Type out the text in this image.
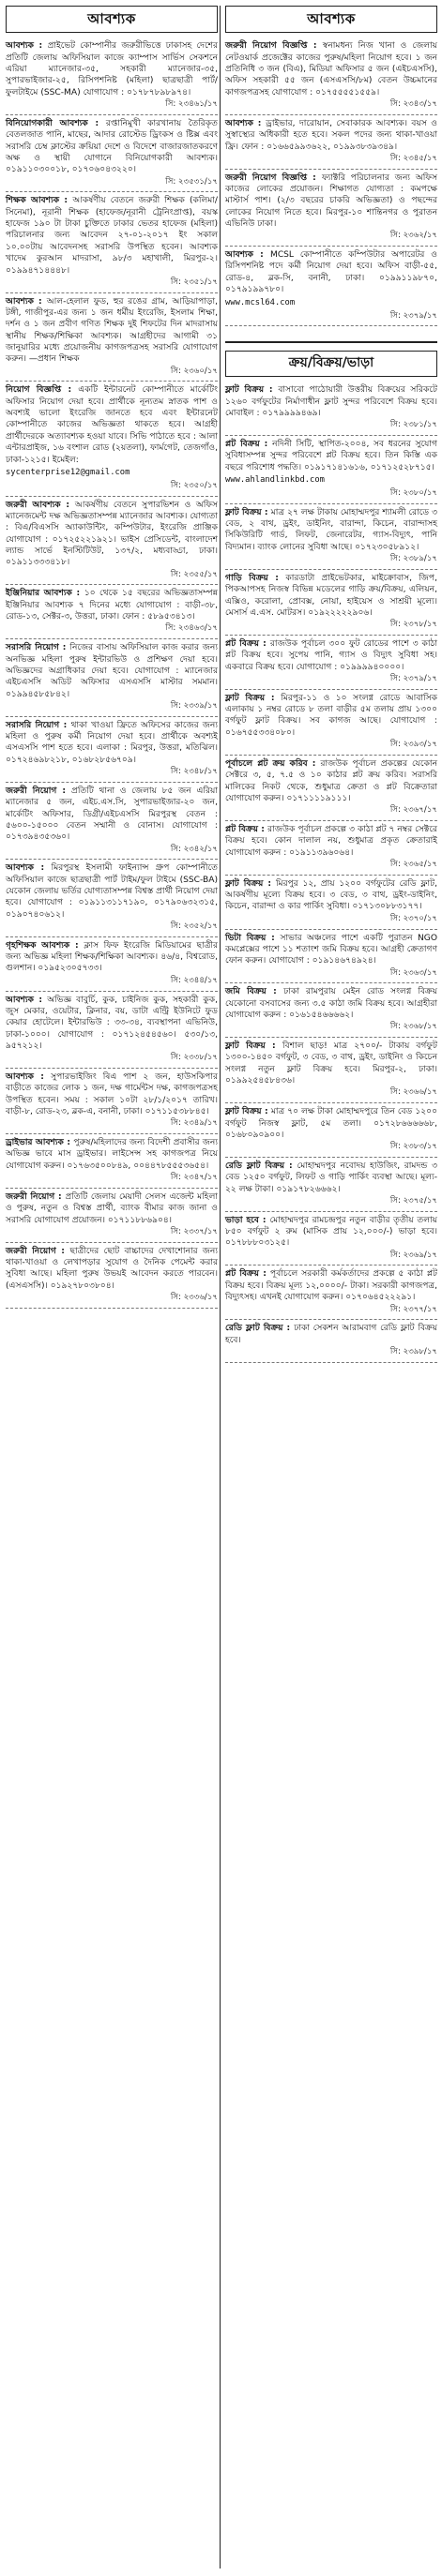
আবশ্যক
আবশ্যক : প্রাইভেট কোম্পানীর জরুরীভিত্তে ঢাকাসহ দেশের প্রতিটি জেলায় অফিসিয়াল কাজে ক্যাম্পাস সার্ভিস সেকশনে এরিয়া ম্যানেজার-৩৫, সহকারী ম্যানেজার-৩৫, সুপারভাইজার-২৫, রিসিপশনিষ্ট (মহিলা) ছাত্রছাত্রী পার্ট/ফুলটাইমে (SSC-MA) যোগাযোগ : ০১৭৮৭৮৯৮৯৭৪।
সি: ২৩৪৬১/১৭
বিনিয়োগকারী আবশ্যক : রপ্তানিমুখী কারখানায় তৈরিকৃত বেতলজাত পানি, মাছের, আদার রোস্টেড ড্রিংকস ও ষ্টিক্স এবং সরাসরি চেম্ব ক্লাস্টের ক্রয়িয়া দেশে ও বিদেশে বাজারজাতকরণে অক্ষ ও স্থায়ী যোগানে বিনিয়োগকারী আবশ্যক। ০১৯১১০৩০০১৮, ০১৭০৬০৪৩২২০।
সি: ২৩৫৩১/১৭
শিক্ষক আবশ্যক : আকর্ষণীয় বেতনে জরুরী শিক্ষক (কলিমা/সিনেমা), নূরানী শিক্ষক (হাফেজ/নূরানী ট্রেনিংপ্রাপ্ত), বয়স্ক হাফেজ ১৯০ টা টাকা চুক্তিতে ঢাকার ভেতর হাফেজ (মহিলা) পরিচালনার জন্য আবেদন ২৭-০১-২০১৭ ইং সকাল ১০.০০টায় আবেদনসহ সরাসরি উপস্থিত হবেন। আবশ্যক খাদেম কুরআন মাদরাসা, ৯৮/৩ মহাখালী, মিরপুর-২। ০১৯৯৪৭১৪৪৪৮।
সি: ২৩৫১/১৭
আবশ্যক : আল-হেলাল ফুড, হুর রঙের গ্রাম, আড়িয়াপাড়া, টঙ্গী, গাজীপুর-এর জন্য ১ জন ধর্মীয় ইংরেজি, ইসলাম শিক্ষা, দর্শন ও ১ জন প্রবীণ গণিত শিক্ষক দুই শিফটের দিন মাদরাসায় স্থানীয় শিক্ষক/শিক্ষিকা আবশ্যক। আগ্রহীদের আগামী ৩১ জানুয়ারির মধ্যে প্রয়োজনীয় কাগজপত্রসহ সরাসরি যোগাযোগ করুন। —প্রধান শিক্ষক
সি: ২৩৬০/১৭
নিয়োগ বিজ্ঞপ্তি : একটি ইন্টারনেট কোম্পানীতে মার্কেটিং অফিসার নিয়োগ দেয়া হবে। প্রার্থীকে নূন্যতম স্নাতক পাশ ও অবশ্যই ভালো ইংরেজি জানতে হবে এবং ইন্টারনেট কোম্পানীতে কাজের অভিজ্ঞতা থাকতে হবে। আগ্রহী প্রার্থীদেরকে অত্যাবশ্যক হওয়া যাবে। সিভি পাঠাতে হবে : আলা এন্টারপ্রাইজ, ১৬ বংশাল রোড (২য়তলা), ফার্মগেট, তেজগাঁও, ঢাকা-১২১৫। ইমেইল:
sycenterprise12@gmail.com
সি: ২৩৫০/১৭
জরুরী আবশ্যক : আকর্ষণীয় বেতনে সুপারভিশন ও অফিস ম্যানেজমেন্ট দক্ষ অভিজ্ঞতাসম্পন্ন ম্যানেজার আবশ্যক। যোগ্যতা : বিএ/বিএসসি অ্যাকাউন্টিং, কম্পিউটার, ইংরেজি প্রাঞ্জিক যোগাযোগ : ০১৭২৫২২১৯২১। ভাইস প্রেসিডেন্ট, বাংলাদেশ ল্যান্ড সার্ভে ইনস্টিটিউট, ১৩৭/২, মধ্যবাড্ডা, ঢাকা। ০১৯১১৩৩৩৪১৮।
সি: ২৩৫৫/১৭
ইঞ্জিনিয়ার আবশ্যক : ১০ থেকে ১৫ বছরের অভিজ্ঞতাসম্পন্ন ইঞ্জিনিয়ার আবশ্যক ৭ দিনের মধ্যে যোগাযোগ : বাড়ী-৩৮, রোড-১৩, সেক্টর-৩, উত্তরা, ঢাকা। ফোন : ৫৮৯৫৩৪১৩।
সি: ২৩৪৬৩/১৭
সরাসরি নিয়োগ : নিজের বাসায় অফিসিয়াল কাজ করার জন্য অনভিজ্ঞ মহিলা পুরুষ ইন্টারভিউ ও প্রশিক্ষণ দেয়া হবে। অভিজ্ঞদের অগ্রাধিকার দেয়া হবে। যোগাযোগ : ম্যানেজার এইচএসসি অডিট অফিসার এসএসসি মাস্টার সমমান। ০১৯৯৪৫৮৫৮৪২।
সি: ২৩৩৯/১৭
সরাসরি নিয়োগ : থাকা খাওয়া ফ্রিতে অফিসের কাজের জন্য মহিলা ও পুরুষ কর্মী নিয়োগ দেয়া হবে। প্রার্থীকে অবশ্যই এসএসসি পাশ হতে হবে। এলাকা : মিরপুর, উত্তরা, মতিঝিল। ০১৭২৪৬৯৮২১৮, ০১৬৮২৮৫৬৭০৯।
সি: ২৩৪৮/১৭
জরুরী নিয়োগ : প্রতিটি থানা ও জেলায় ৮৫ জন এরিয়া ম্যানেজার ৫ জন, এইচ.এস.সি, সুপারভাইজার-২০ জন, মার্কেটিং অফিসার, ডিগ্রী/এইচএসসি মিরপুরস্থ বেতন : ৫৬০০-১৫০০০ বেতন সম্মানী ও বোনাস। যোগাযোগ : ০১৭৩৯৪৩৫৩৬০।
সি: ২৩৪২/১৭
আবশ্যক : মিরপুরস্থ ইসলামী ফাইন্যান্স গ্রুপ কোম্পানীতে অফিসিয়াল কাজে ছাত্রছাত্রী পার্ট টাইম/ফুল টাইমে (SSC-BA) যেকোন জেলায় ভর্তির যোগ্যতাসম্পন্ন বিশ্বস্ত প্রার্থী নিয়োগ দেয়া হবে। যোগাযোগ : ০১৯১১৩১১৭১৯০, ০১৭৯০৬৩২৩১৫, ০১৯০৭৪০৬১২।
সি: ২৩৫২/১৭
গৃহশিক্ষক আবশ্যক : ক্লাস ফিফ ইংরেজি মিডিয়ামের ছাত্রীর জন্য অভিজ্ঞ মহিলা শিক্ষক/শিক্ষিকা আবশ্যক। ৪৬/৪, বিশ্বরোড, গুলশান। ০১৯৫২৩০৫৭৩৩।
সি: ২৩৪৪/১৭
আবশ্যক : অভিজ্ঞ বাবুর্চি, কুক, চাইনিজ কুক, সহকারী কুক, জুস মেকার, ওয়েটার, ক্লিনার, বয়, ডাটা এন্ট্রি ইউনিটে ফুড কেয়ার হোটেলে। ইন্টারভিউ : ৩৩-৩৪, ব্যবস্থাপনা এভিনিউ, ঢাকা-১০০০। যোগাযোগ : ০১৭১২৪৫৪৫৬০। ৫৩০/১৩, ৯৫৭২১২।
সি: ২৩৩৮/১৭
আবশ্যক : সুপারভাইজিং ৰিএ পাশ ২ জন, হাউসকিপার বাড়ীতে কাজের লোক ১ জন, দক্ষ গার্মেন্টস দক্ষ, কাগজপত্রসহ উপস্থিত হবেন। সময় : সকাল ১০টা ২৮/১/২০১৭ তারিখ। বাড়ী-৮, রোড-২৩, ব্লক-এ, বনানী, ঢাকা। ০১৭১১৫৩৮৮৪৫।
সি: ২৩৪৯/১৭
ড্রাইভার আবশ্যক : পুরুষ/মহিলাদের জন্য বিদেশী প্রবাসীর জন্য অভিজ্ঞ ভাবে মাস ড্রাইভার। লাইসেন্স সহ কাগজপত্র নিয়ে যোগাযোগ করুন। ০১৭৬৩৫০০৮৪৯, ০০৪৪৭৮৫৫৫৩৬৫৪।
সি: ২৩৪৭/১৭
জরুরী নিয়োগ : প্রতিটি জেলায় মেয়াদী সেলস এজেন্ট মহিলা ও পুরুষ, নতুন ও বিশ্বস্ত প্রার্থী, ব্যাংক বীমার কাজ জানা ও সরাসরি যোগাযোগ প্রয়োজন। ০১৭১১৮৮৬৯০৪।
সি: ২৩৩৭/১৭
জরুরী নিয়োগ : ছাত্রীদের ছোট বাচ্চাদের দেখাশোনার জন্য থাকা-খাওয়া ও লেখাপড়ার সুযোগ ও দৈনিক পেমেন্ট করার সুবিধা আছে। মহিলা পুরুষ উভয়ই আবেদন করতে পারবেন। (এসএসসি)। ০১৯২৭৮০৩৮০৪।
সি: ২৩৩৬/১৭
আবশ্যক
জরুরী নিয়োগ বিজ্ঞপ্তি : স্বনামধন্য নিজ খানা ও জেলায় নেটওয়ার্ক প্রজেক্টের কাজের পুরুষ/মহিলা নিয়োগ হবে। ১ জন প্রতিনিধি ৩ জন (বিএ), মিডিয়া অফিসার ৫ জন (এইচএসসি), অফিস সহকারী ৫৫ জন (এসএসসি/৮ম) বেতন উচ্চমানের কাগজপত্রসহ যোগাযোগ : ০১৭৫৫৫৫১৫৫৯।
সি: ২৩৪৩/১৭
আবশ্যক : ড্রাইভার, দারোয়ান, সেবাকারক আবশ্যক। বয়স ও সুস্বাস্থ্যের অধিকারী হতে হবে। সকল পদের জন্য থাকা-খাওয়া ফ্রি। ফোন : ০১৬৬৫৯৯৩৬২২, ০১৯৯৩৮৩৯৩৪৯।
সি: ২৩৪৫/১৭
জরুরী নিয়োগ বিজ্ঞপ্তি : ফ্যাক্টরি পরিচালনার জন্য অফিস কাজের লোকের প্রয়োজন। শিক্ষাগত যোগ্যতা : কমপক্ষে মাস্টার্স পাশ। (২/৩ বছরের চাকরি অভিজ্ঞতা) ও পছন্দের লোকের নিয়োগ নিতে হবে। মিরপুর-১০ শান্তিনগর ও পুরাতন এভিনিউ ঢাকা।
সি: ২৩৬২/১৭
আবশ্যক : MCSL কোম্পানীতে কম্পিউটার অপারেটর ও রিসিপশনিষ্ট পদে কর্মী নিয়োগ দেয়া হবে। অফিস বাড়ী-৫৫, রোড-৪, ব্লক-সি, বনানী, ঢাকা। ০১৯৯১১৯৮৭০, ০১৭৯১৯৯৭৮০।
www.mcsl64.com
সি: ২৩৭৯/১৭
ক্রয়/বিক্রয়/ভাড়া
ফ্লাট বিক্রয় : বাসাবো পাঠোয়ারী উত্তরীয় বিক্রয়ের সরিকটে ১২৬০ বর্গফুটের নির্মাণাধীন ফ্লাট সুন্দর পরিবেশে বিক্রয় হবে। মোবাইল : ০১৭৯৯৯৯৪৬৯।
সি: ২৩৮১/১৭
প্লট বিক্রয় : নদিনী সিটি, স্থাপিত-২০০৪, সব ধরনের সুযোগ সুবিধাসম্পন্ন সুন্দর পরিবেশে প্লট বিক্রয় হবে। তিন কিস্তি এক বছরে পরিশোধ পদ্ধতি। ০১৯১৭১৪১৬১৬, ০১৭১২৫২৮৭১৫।
www.ahlandlinkbd.com
সি: ২৩৮০/১৭
ফ্লাট বিক্রয় : মাত্র ২৭ লক্ষ টাকায় মোহাম্মদপুর শ্যামলী রোডে ৩ বেড, ২ বাথ, ড্রইং, ডাইনিং, বারান্দা, কিচেন, বারান্দাসহ সিকিউরিটি গার্ড, লিফট, জেনারেটর, গ্যাস-বিদ্যুৎ, পানি বিদ্যমান। ব্যাংক লোনের সুবিধা আছে। ০১৭২৩০৫৮৯১২।
সি: ২৩৮৯/১৭
গাড়ি বিক্রয় : কারডাটা প্রাইভেটকার, মাইক্রোবাস, জিপ, পিকআপসহ নিজস্ব বিভিন্ন মডেলের গাড়ি ক্রয়/বিক্রয়, এলিয়ন, এক্সিও, করোলা, প্রোবক্স, নোয়া, হাইয়েস ও সাশ্রয়ী মূল্যে। মেসার্স এ.এস. মোটরস। ০১৯২২২২২৯০৬।
সি: ২৩৭৮/১৭
প্লট বিক্রয় : রাজউক পূর্বাচল ৩০০ ফুট রোডের পাশে ৩ কাঠা প্লট বিক্রয় হবে। সুপেয় পানি, গ্যাস ও বিদ্যুৎ সুবিধা সহ। একবারে বিক্রয় হবে। যোগাযোগ : ০১৯৯৯৯৪০০০০।
সি: ২৩৭৯/১৭
ফ্লাট বিক্রয় : মিরপুর-১১ ও ১০ সংলগ্ন রোডে আবাসিক এলাকায় ১ নম্বর রোডে ৮ তলা বাড়ীর ৫ম তলায় প্রায় ১৩০০ বর্গফুট ফ্লাট বিক্রয়। সব কাগজ আছে। যোগাযোগ : ০১৬৭৫৫৩৩৪০৮০।
সি: ২৩৯৩/১৭
পূর্বাচলে প্লট ক্রয় করিব : রাজউক পূর্বাচল প্রকল্পের যেকোন সেক্টরে ৩, ৫, ৭.৫ ও ১০ কাঠার প্লট ক্রয় করিব। সরাসরি মালিকের নিকট থেকে, শুধুমাত্র ক্রেতা ও প্লট বিক্রেতারা যোগাযোগ করুন। ০১৭১১১১৯১১১।
সি: ২৩৬৭/১৭
প্লট বিক্রয় : রাজউক পূর্বাচল প্রকল্পে ৩ কাঠা প্লট ৭ নম্বর সেক্টরে বিক্রয় হবে। কোন দালাল নয়, শুধুমাত্র প্রকৃত ক্রেতারাই যোগাযোগ করুন : ০১৯১১৩৯৬০৬৪।
সি: ২৩৬৫/১৭
ফ্লাট বিক্রয় : মিরপুর ১২, প্রায় ১২০০ বর্গফুটের রেডি ফ্লাট, আকর্ষণীয় মূল্যে বিক্রয় হবে। ৩ বেড, ৩ বাথ, ড্রইং-ডাইনিং, কিচেন, বারান্দা ও কার পার্কিং সুবিধা। ০১৭১৩০৮৮৩১৭৭।
সি: ২৩৭০/১৭
ভিটা বিক্রয় : সাভার অঞ্চলের পাশে একটি পুরাতন NGO কমপ্লেক্সের পাশে ১১ শতাংশ জমি বিক্রয় হবে। আগ্রহী ক্রেতাগণ ফোন করুন। যোগাযোগ : ০১৯১৪৬৭৪৯২৪।
সি: ২৩৬৩/১৭
জমি বিক্রয় : ঢাকা রামপুরায় মেইন রোড সংলগ্ন বিক্রয় যেকোনো বসবাসের জন্য ৩.৫ কাঠা জমি বিক্রয় হবে। আগ্রহীরা যোগাযোগ করুন : ০১৬১৫৪৬৬৬৬২।
সি: ২৩৬৮/১৭
ফ্লাট বিক্রয় : বিশাল ছাড়! মাত্র ২৭০০/- টাকায় বর্গফুট ১৩০০-১৪৫০ বর্গফুট, ৩ বেড, ৩ বাথ, ড্রইং, ডাইনিং ও কিচেন সংলগ্ন নতুন ফ্লাট বিক্রয় হবে। মিরপুর-২, ঢাকা। ০১৯৯২৫৪৫৮৪৩৬।
সি: ২৩৬৬/১৭
ফ্লাট বিক্রয় : মাত্র ৭০ লক্ষ টাকা মোহাম্মদপুরে তিন বেড ১২০০ বর্গফুট নিজস্ব ফ্লাট, ৫ম তলা। ০১৭২৮৬৬৬৬৬৮, ০১৬৮০৯০৯০০।
সি: ২৩৮৩/১৭
রেডি ফ্লাট বিক্রয় : মোহাম্মদপুর নবোদয় হাউজিং, রামদন্ড ৩ বেড ১২৫০ বর্গফুট, লিফট ও গাড়ি পার্কিং ব্যবস্থা আছে। মূল্য- ২২ লক্ষ টাকা। ০১৯১৭৮২৬৬৬২।
সি: ২৩৭৫/১৭
ভাড়া হবে : মোহাম্মদপুর রামচন্দ্রপুর নতুন বাড়ীর তৃতীয় তলায় ৮৫০ বর্গফুট ২ রুম (মাসিক প্রায় ১২,০০০/-) ভাড়া হবে। ০১৭৮৮৮০৩১২৫।
সি: ২৩৬৯/১৭
প্লট বিক্রয় : পূর্বাচলে সরকারী কর্মকর্তাদের প্রকল্পে ৫ কাঠা প্লট বিক্রয় হবে। বিক্রয় মূল্য ১২,০০০০/- টাকা। সরকারী কাগজপত্র, বিদ্যুৎসহ। এখনই যোগাযোগ করুন। ০১৭০৬৪৫২২২৯১।
সি: ২৩৭৭/১৭
রেডি ফ্লাট বিক্রয় : ঢাকা সেকশন আরামবাগ রেডি ফ্লাট বিক্রয় হবে।
সি: ২৩৯৮/১৭
